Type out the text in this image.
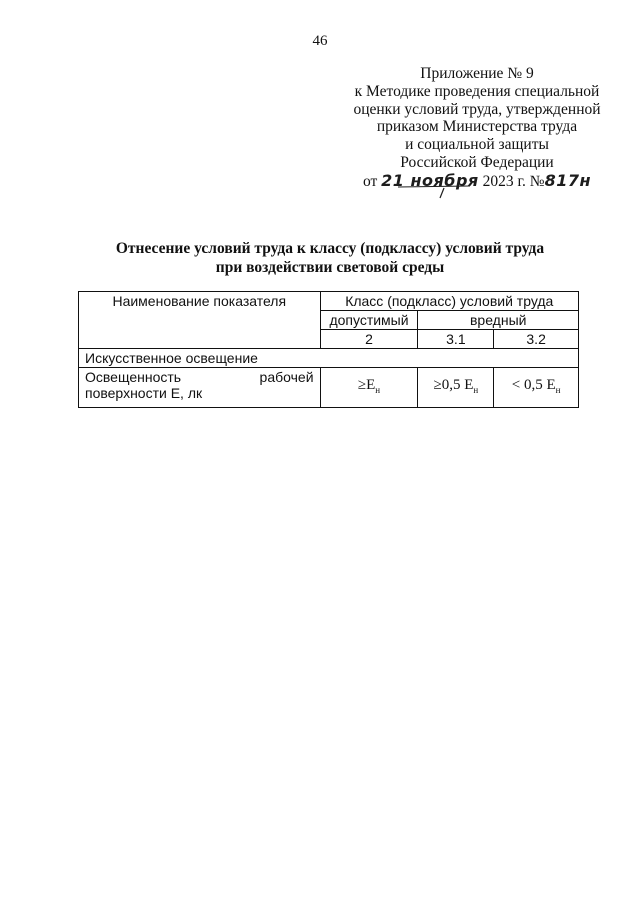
46
Приложение № 9
к Методике проведения специальной
оценки условий труда, утвержденной
приказом Министерства труда
и социальной защиты
Российской Федерации
от 21 ноября 2023 г. №817н
Отнесение условий труда к классу (подклассу) условий труда
при воздействии световой среды
Наименование показателя	Класс (подкласс) условий труда		
	допустимый	вредный	
	2	3.1	3.2
Искусственное освещение			

Освещенность рабочей
поверхности Е, лк	$\ge Е_н$	≥0,5 $Е_н$	< 0,5 $Е_н$
